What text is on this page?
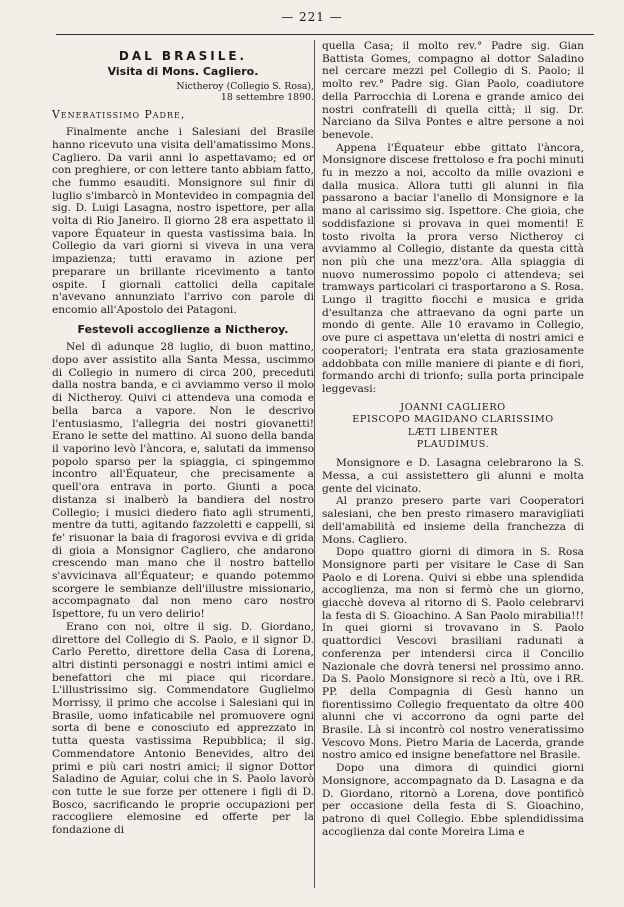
— 221 —
DAL BRASILE.
Visita di Mons. Cagliero.
Nictheroy (Collegio S. Rosa),
18 settembre 1890.
Veneratissimo Padre,

Finalmente anche i Salesiani del Brasile hanno ricevuto una visita dell'amatissimo Mons. Cagliero. Da varii anni lo aspettavamo; ed or con preghiere, or con lettere tanto abbiam fatto, che fummo esauditi. Monsignore sul finir di luglio s'imbarcò in Montevideo in compagnia del sig. D. Luigi Lasagna, nostro ispettore, per alla volta di Rio Janeiro. Il giorno 28 era aspettato il vapore Équateur in questa vastissima baia. In Collegio da vari giorni si viveva in una vera impazienza; tutti eravamo in azione per preparare un brillante ricevimento a tanto ospite. I giornali cattolici della capitale n'avevano annunziato l'arrivo con parole di encomio all'Apostolo dei Patagoni.

Festevoli accoglienze a Nictheroy.

Nel dì adunque 28 luglio, di buon mattino, dopo aver assistito alla Santa Messa, uscimmo di Collegio in numero di circa 200, preceduti dalla nostra banda, e ci avviammo verso il molo di Nictheroy. Quivi ci attendeva una comoda e bella barca a vapore. Non le descrivo l'entusiasmo, l'allegria dei nostri giovanetti! Erano le sette del mattino. Al suono della banda il vaporino levò l'àncora, e, salutati da immenso popolo sparso per la spiaggia, ci spingemmo incontro all'Équateur, che precisamente a quell'ora entrava in porto. Giunti a poca distanza si inalberò la bandiera del nostro Collegio; i musici diedero fiato agli strumenti, mentre da tutti, agitando fazzoletti e cappelli, si fe' risuonar la baia di fragorosi evviva e di grida di gioia a Monsignor Cagliero, che andarono crescendo man mano che il nostro battello s'avvicinava all'Équateur; e quando potemmo scorgere le sembianze dell'illustre missionario, accompagnato dal non meno caro nostro Ispettore, fu un vero delirio!

Erano con noi, oltre il sig. D. Giordano, direttore del Collegio di S. Paolo, e il signor D. Carlo Peretto, direttore della Casa di Lorena, altri distinti personaggi e nostri intimi amici e benefattori che mi piace qui ricordare. L'illustrissimo sig. Commendatore Guglielmo Morrissy, il primo che accolse i Salesiani qui in Brasile, uomo infaticabile nel promuovere ogni sorta di bene e conosciuto ed apprezzato in tutta questa vastissima Repubblica; il sig. Commendatore Antonio Benevides, altro dei primi e più cari nostri amici; il signor Dottor Saladino de Aguiar, colui che in S. Paolo lavorò con tutte le sue forze per ottenere i figli di D. Bosco, sacrificando le proprie occupazioni per raccogliere elemosine ed offerte per la fondazione di

quella Casa; il molto rev.° Padre sig. Gian Battista Gomes, compagno al dottor Saladino nel cercare mezzi pel Collegio di S. Paolo; il molto rev.° Padre sig. Gian Paolo, coadiutore della Parrocchia di Lorena e grande amico dei nostri confratelli di quella città; il sig. Dr. Narciano da Silva Pontes e altre persone a noi benevole.

Appena l'Équateur ebbe gittato l'àncora, Monsignore discese frettoloso e fra pochi minuti fu in mezzo a noi, accolto da mille ovazioni e dalla musica. Allora tutti gli alunni in fila passarono a baciar l'anello di Monsignore e la mano al carissimo sig. Ispettore. Che gioia, che soddisfazione si provava in quei momenti! E tosto rivolta la prora verso Nictheroy ci avviammo al Collegio, distante da questa città non più che una mezz'ora. Alla spiaggia di nuovo numerossimo popolo ci attendeva; sei tramways particolari ci trasportarono a S. Rosa. Lungo il tragitto fiocchi e musica e grida d'esultanza che attraevano da ogni parte un mondo di gente. Alle 10 eravamo in Collegio, ove pure ci aspettava un'eletta di nostri amici e cooperatori; l'entrata era stata graziosamente addobbata con mille maniere di piante e di fiori, formando archi di trionfo; sulla porta principale leggevasi:

JOANNI CAGLIERO
EPISCOPO MAGIDANO CLARISSIMO
LÆTI LIBENTER
PLAUDIMUS.

Monsignore e D. Lasagna celebrarono la S. Messa, a cui assistettero gli alunni e molta gente del vicinato.

Al pranzo presero parte vari Cooperatori salesiani, che ben presto rimasero maravigliati dell'amabilità ed insieme della franchezza di Mons. Cagliero.

Dopo quattro giorni di dimora in S. Rosa Monsignore parti per visitare le Case di San Paolo e di Lorena. Quivi si ebbe una splendida accoglienza, ma non si fermò che un giorno, giacchè doveva al ritorno di S. Paolo celebrarvi la festa di S. Gioachino. A San Paolo mirabilia!!! In quei giorni si trovavano in S. Paolo quattordici Vescovi brasiliani radunati a conferenza per intendersi circa il Concilio Nazionale che dovrà tenersi nel prossimo anno. Da S. Paolo Monsignore si recò a Itù, ove i RR. PP. della Compagnia di Gesù hanno un fiorentissimo Collegio frequentato da oltre 400 alunni che vi accorrono da ogni parte del Brasile. Là si incontrò col nostro veneratissimo Vescovo Mons. Pietro Maria de Lacerda, grande nostro amico ed insigne benefattore nel Brasile.

Dopo una dimora di quindici giorni Monsignore, accompagnato da D. Lasagna e da D. Giordano, ritornò a Lorena, dove pontificò per occasione della festa di S. Gioachino, patrono di quel Collegio. Ebbe splendidissima accoglienza dal conte Moreira Lima e
